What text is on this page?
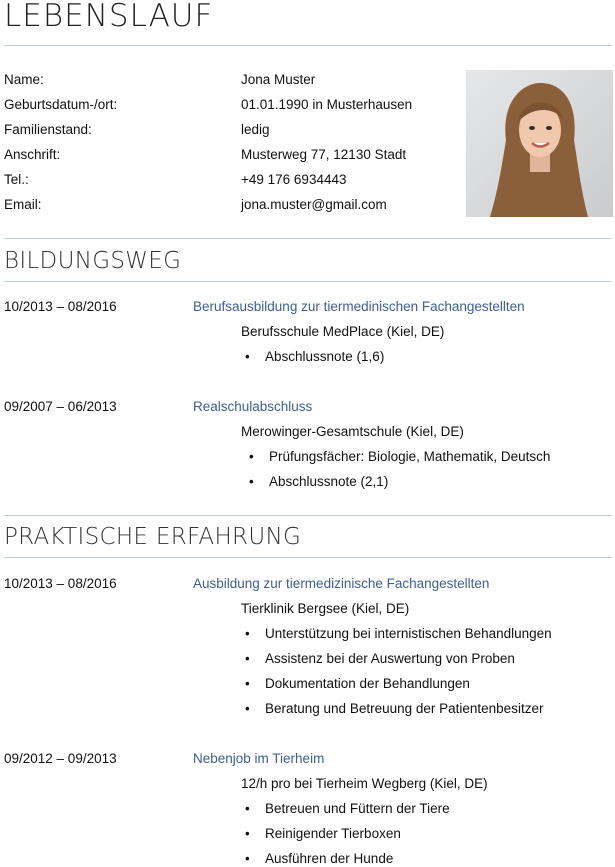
LEBENSLAUF
Name:	Jona Muster
Geburtsdatum-/ort:	01.01.1990 in Musterhausen
Familienstand:	ledig
Anschrift:	Musterweg 77, 12130 Stadt
Tel.:	+49 176 6934443
Email:	jona.muster@gmail.com
BILDUNGSWEG
10/2013 – 08/2016	Berufsausbildung zur tiermedinischen Fachangestellten
Berufsschule MedPlace (Kiel, DE)
• Abschlussnote (1,6)
09/2007 – 06/2013	Realschulabschluss
Merowinger-Gesamtschule (Kiel, DE)
• Prüfungsfächer: Biologie, Mathematik, Deutsch
• Abschlussnote (2,1)
PRAKTISCHE ERFAHRUNG
10/2013 – 08/2016	Ausbildung zur tiermedizinische Fachangestellten
Tierklinik Bergsee (Kiel, DE)
• Unterstützung bei internistischen Behandlungen
• Assistenz bei der Auswertung von Proben
• Dokumentation der Behandlungen
• Beratung und Betreuung der Patientenbesitzer
09/2012 – 09/2013	Nebenjob im Tierheim
12/h pro bei Tierheim Wegberg (Kiel, DE)
• Betreuen und Füttern der Tiere
• Reinigender Tierboxen
• Ausführen der Hunde
